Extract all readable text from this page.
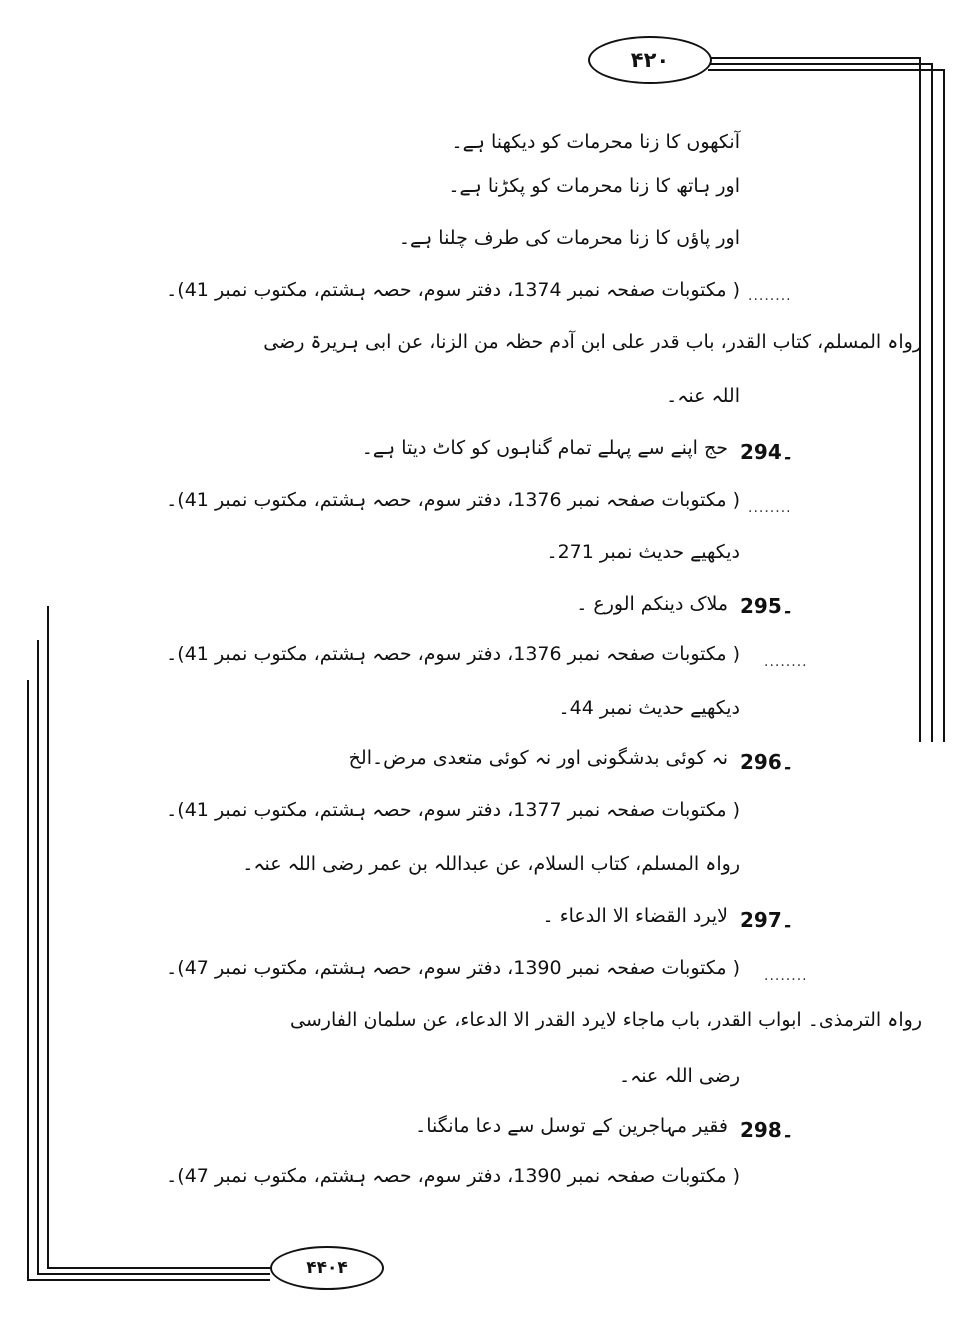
۴۲۰
۴۴۰۴
آنکھوں کا زنا محرمات کو دیکھنا ہے۔
اور ہاتھ کا زنا محرمات کو پکڑنا ہے۔
اور پاؤں کا زنا محرمات کی طرف چلنا ہے۔
........
( مکتوبات صفحہ نمبر 1374، دفتر سوم، حصہ ہشتم، مکتوب نمبر 41)۔
رواہ المسلم، کتاب القدر، باب قدر علی ابن آدم حظہ من الزنا، عن ابی ہریرۃ رضی
اللہ عنہ۔
294۔
حج اپنے سے پہلے تمام گناہوں کو کاٹ دیتا ہے۔
........
( مکتوبات صفحہ نمبر 1376، دفتر سوم، حصہ ہشتم، مکتوب نمبر 41)۔
دیکھیے حدیث نمبر 271۔
295۔
ملاک دینکم الورع ۔
........
( مکتوبات صفحہ نمبر 1376، دفتر سوم، حصہ ہشتم، مکتوب نمبر 41)۔
دیکھیے حدیث نمبر 44۔
296۔
نہ کوئی بدشگونی اور نہ کوئی متعدی مرض۔الخ
( مکتوبات صفحہ نمبر 1377، دفتر سوم، حصہ ہشتم، مکتوب نمبر 41)۔
رواہ المسلم، کتاب السلام، عن عبداللہ بن عمر رضی اللہ عنہ۔
297۔
لایرد القضاء الا الدعاء ۔
........
( مکتوبات صفحہ نمبر 1390، دفتر سوم، حصہ ہشتم، مکتوب نمبر 47)۔
رواہ الترمذی۔ ابواب القدر، باب ماجاء لایرد القدر الا الدعاء، عن سلمان الفارسی
رضی اللہ عنہ۔
298۔
فقیر مہاجرین کے توسل سے دعا مانگنا۔
( مکتوبات صفحہ نمبر 1390، دفتر سوم، حصہ ہشتم، مکتوب نمبر 47)۔
